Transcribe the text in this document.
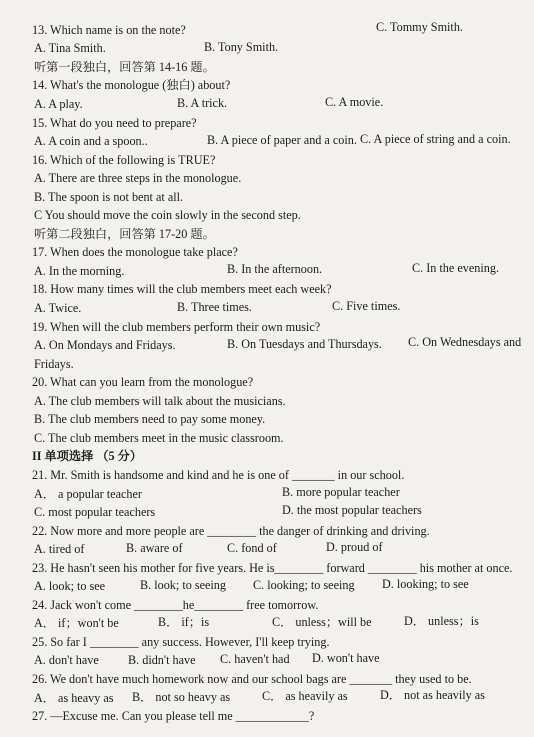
13. Which name is on the note?	C. Tommy Smith.
A. Tina Smith.	B. Tony Smith.
听第一段独白，回答第 14-16 题。
14. What's the monologue (独白) about?
A. A play.	B. A trick.	C. A movie.
15. What do you need to prepare?
A. A coin and a spoon..	B. A piece of paper and a coin. C. A piece of string and a coin.
16. Which of the following is TRUE?
A. There are three steps in the monologue.
B. The spoon is not bent at all.
C You should move the coin slowly in the second step.
听第二段独白，回答第 17-20 题。
17. When does the monologue take place?
A. In the morning.	B. In the afternoon.	C. In the evening.
18. How many times will the club members meet each week?
A. Twice.	B. Three times.	C. Five times.
19. When will the club members perform their own music?
A. On Mondays and Fridays.	B. On Tuesdays and Thursdays. C. On Wednesdays and
Fridays.
20. What can you learn from the monologue?
A. The club members will talk about the musicians.
B. The club members need to pay some money.
C. The club members meet in the music classroom.
II 单项选择 （5 分）
21. Mr. Smith is handsome and kind and he is one of _______ in our school.
A． a popular teacher	B. more popular teacher
C. most popular teachers	D. the most popular teachers
22. Now more and more people are ________ the danger of drinking and driving.
A. tired of	B. aware of	C. fond of	D. proud of
23. He hasn't seen his mother for five years. He is________ forward ________ his mother at once.
A. look; to see	B. look; to seeing C. looking; to seeing D. looking; to see
24. Jack won't come ________he________ free tomorrow.
A． if；won't be	B． if；is	C． unless；will be	D． unless；is
25. So far I ________ any success. However, I'll keep trying.
A. don't have B. didn't have C. haven't had D. won't have
26. We don't have much homework now and our school bags are _______ they used to be.
A． as heavy as B． not so heavy as	C． as heavily as	D． not as heavily as
27. —Excuse me. Can you please tell me ____________?
